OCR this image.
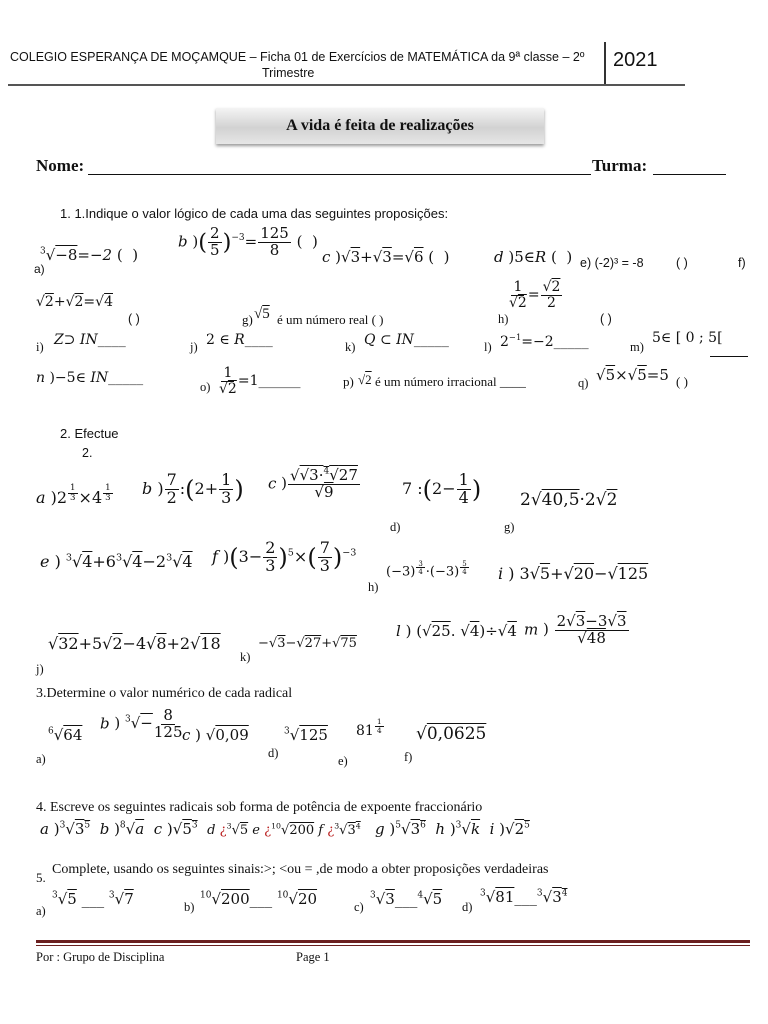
COLEGIO ESPERANÇA DE MOÇAMQUE – Ficha 01 de Exercícios de MATEMÁTICA da 9ª classe – 2º
Trimestre
2021
A vida é feita de realizações
Nome:	Turma:
1. 1.Indique o valor lógico de cada uma das seguintes proposições:
$^3$√−8=−2 (  )
a)
b )( $\frac{2}{5} )^{-3}= \frac{125}{8}$ (  )
c )√3+√3=√6 (  )	d )5∈R (  ) e) (-2)³ = -8	( )	f)
√2+√2=√4
( )	g) √5 é um número real ( )	h)
$\frac{1}{√2} = \frac{√2}{2}$
( )
i) Z⊃ IN____	j) 2 ∈ R____	k) Q ⊂ IN_____	l) $2^{-1}=-2\_\_\_\_\_$	m)
5∈ [ 0 ; 5[
n )−5∈ IN_____
$o) \frac{1}{√2}$ =1______	p) √2 é um número irracional ____	q) √5×√5=5 ( )
2. Efectue
2.
a )2 $^{\frac{1}{3}}$ ×4 $^{\frac{1}{3}}$ b ) $\frac{7}{2}$ :(2+ $\frac{1}{3}$ ) c ) $\frac{√√3\cdot^4√27}{√9}$	7 :(2− $\frac{1}{4}$ )
d)
2√40,5·2√2
g)
e ) $^3√4+6^3√4-2^3√4$ f )$(3- \frac{2}{3} )^5\times( \frac{7}{3} )^{-3}$
(−3) $^{\frac{3}{4}}$ ·(−3) $^{\frac{5}{4}}$
h)
i ) 3√5+√20−√125
√32+5√2−4√8+2√18
j)
−√3−√27+√75
k)
l ) (√25. √4)÷√4 m ) $\frac{2√3-3√3}{√48}$
3.Determine o valor numérico de cada radical
$^6$√64
a)
b ) $^3√- \frac{8}{125}$ c ) √0,09
d)
$^3$√125 81 $^{\frac{1}{4}}$
e)	f)
√0,0625
4. Escreve os seguintes radicais sob forma de potência de expoente fraccionário
a )$^3√3^5$  b )$^8$√a  c )$√5^3$ d ¿$^3$√5 e ¿$^{10}$√200 f ¿$^3√3^4$   g )$^5√3^6$  h )$^3$√k  i )$√2^5$
Complete, usando os seguintes sinais:>; <ou = ,de modo a obter proposições verdadeiras
5.
a)
$^3$√5 ___ $^3$√7	b)
$^{10}$√200___ $^{10}$√20	c)
$^3$√3___$^4$√5 d)
$^3√81\_\_\_^3√3^4$
Por : Grupo de Disciplina	Page 1
